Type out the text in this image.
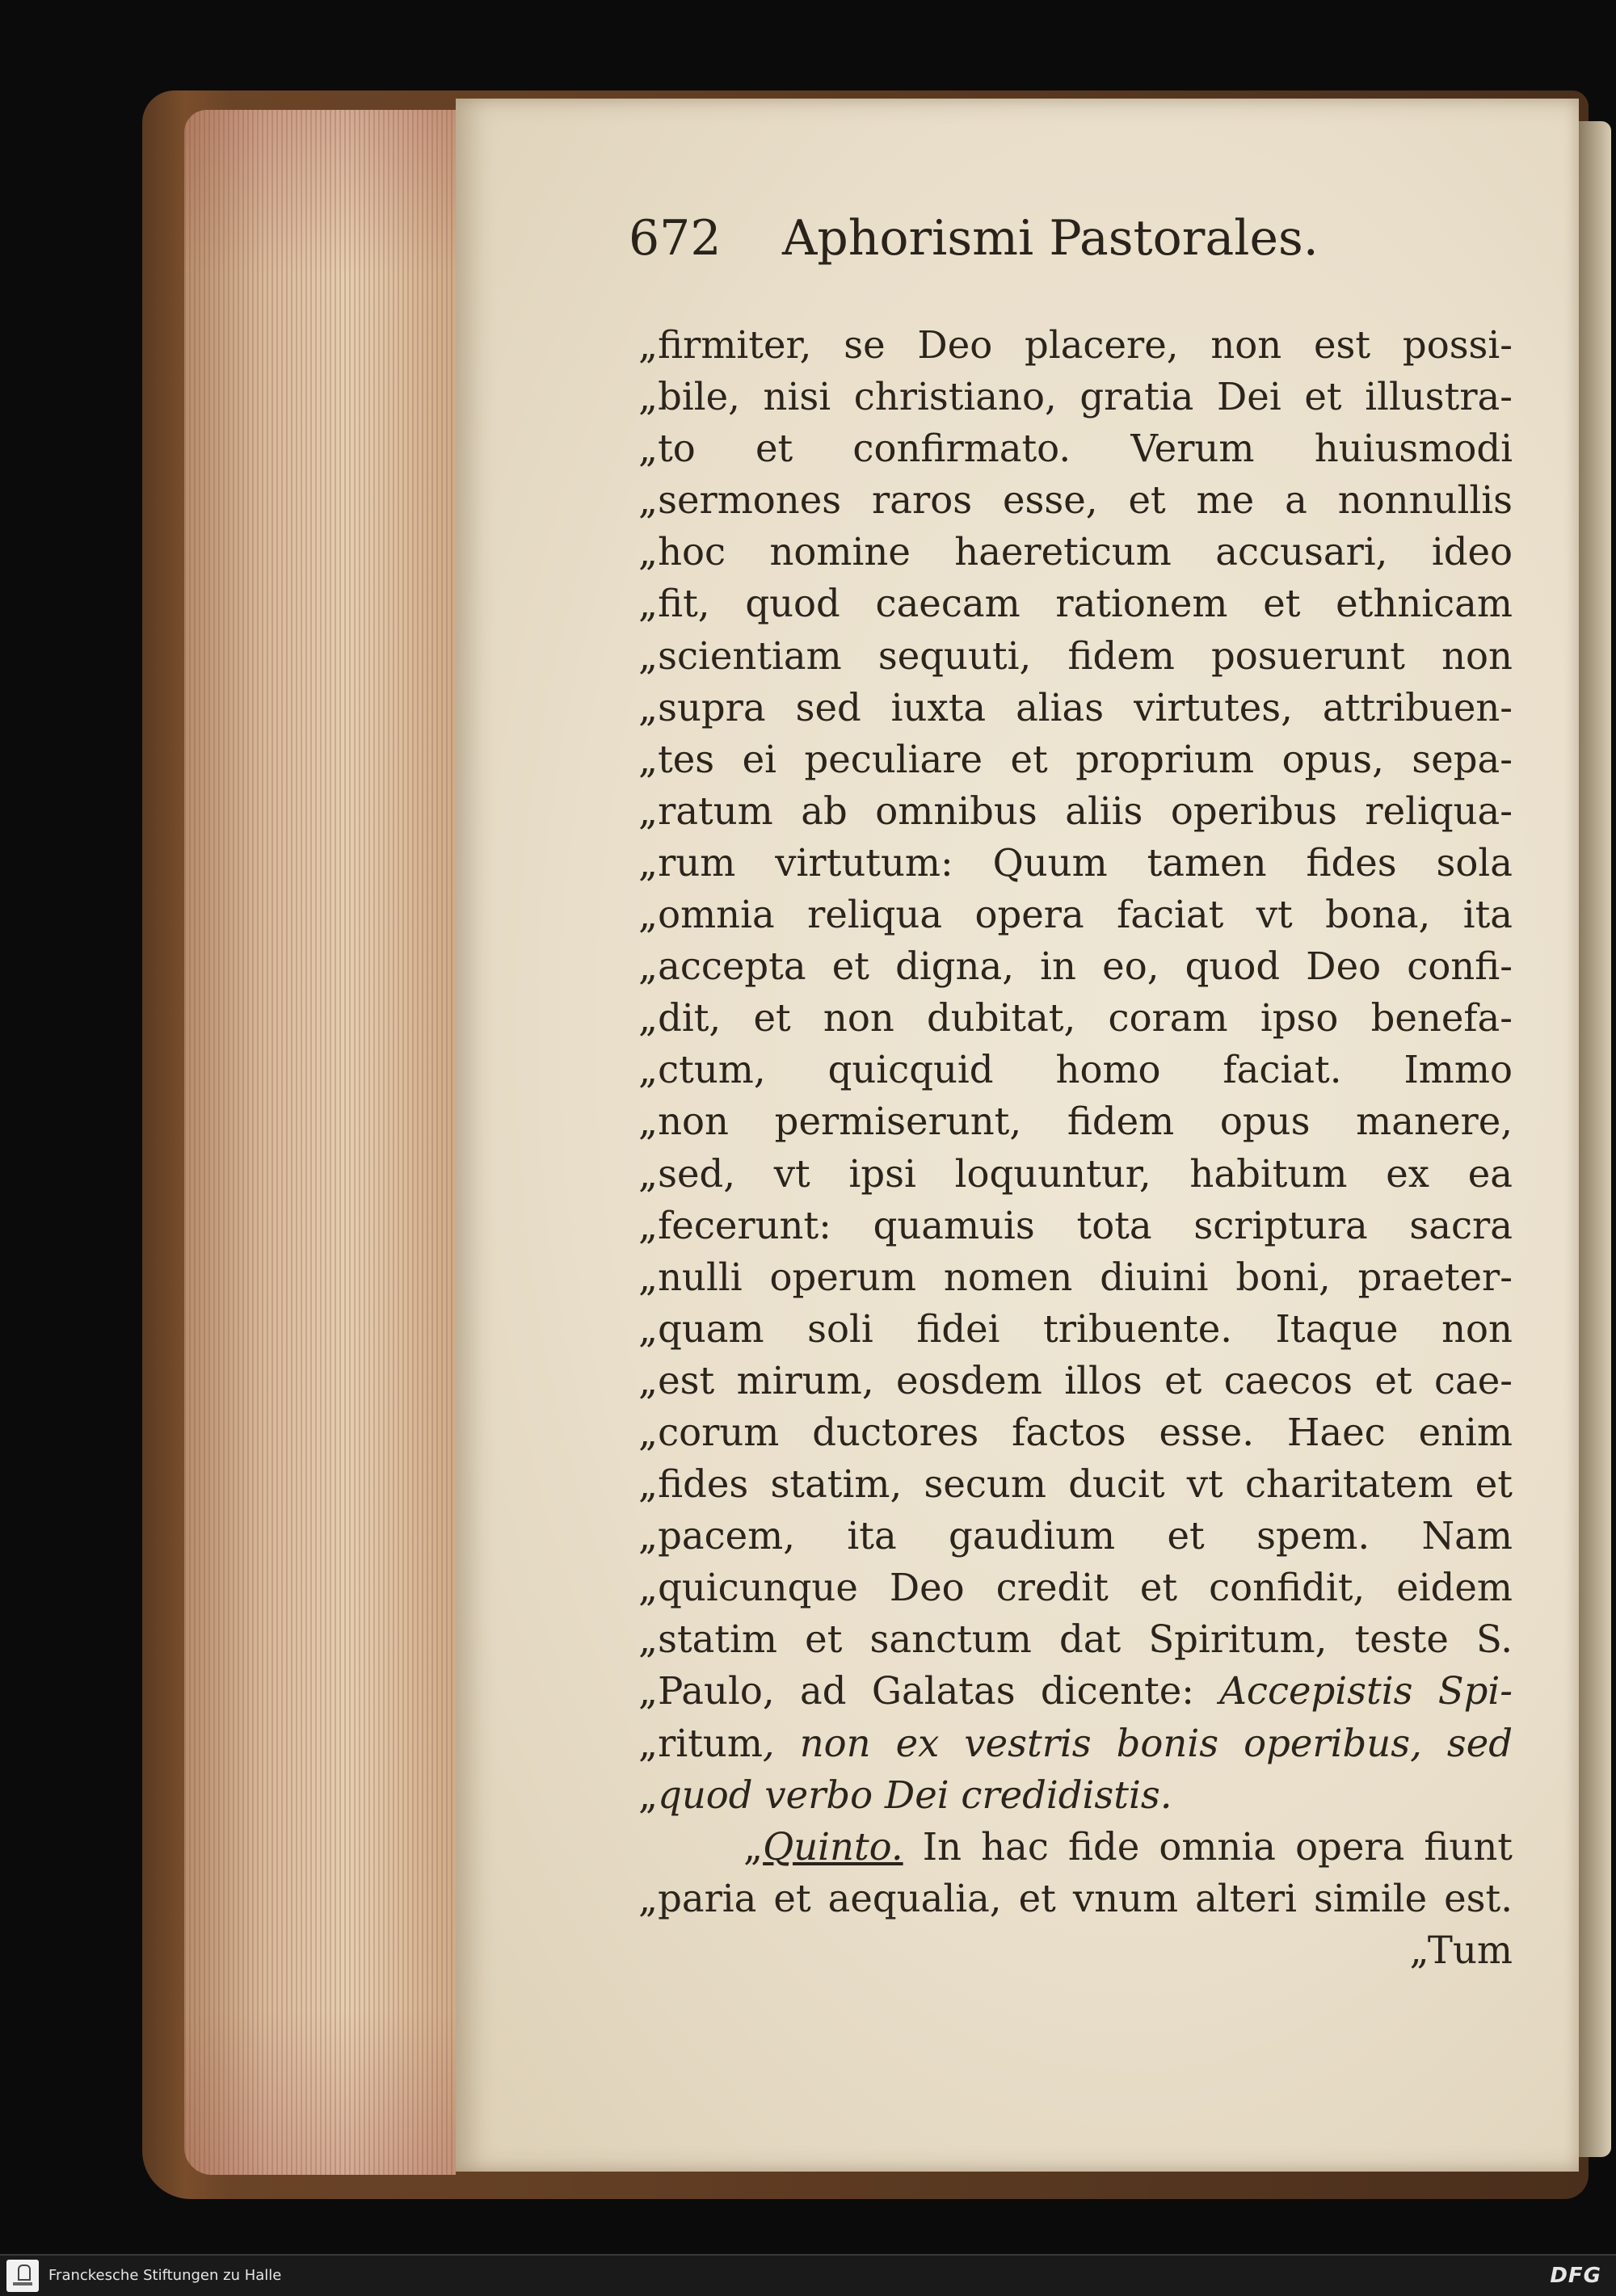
672 Aphorismi Pastorales.
„firmiter, se Deo placere, non est possi-
„bile, nisi christiano, gratia Dei et illustra-
„to et confirmato. Verum huiusmodi
„sermones raros esse, et me a nonnullis
„hoc nomine haereticum accusari, ideo
„fit, quod caecam rationem et ethnicam
„scientiam sequuti, fidem posuerunt non
„supra sed iuxta alias virtutes, attribuen-
„tes ei peculiare et proprium opus, sepa-
„ratum ab omnibus aliis operibus reliqua-
„rum virtutum: Quum tamen fides sola
„omnia reliqua opera faciat vt bona, ita
„accepta et digna, in eo, quod Deo confi-
„dit, et non dubitat, coram ipso benefa-
„ctum, quicquid homo faciat. Immo
„non permiserunt, fidem opus manere,
„sed, vt ipsi loquuntur, habitum ex ea
„fecerunt: quamuis tota scriptura sacra
„nulli operum nomen diuini boni, praeter-
„quam soli fidei tribuente. Itaque non
„est mirum, eosdem illos et caecos et cae-
„corum ductores factos esse. Haec enim
„fides statim, secum ducit vt charitatem et
„pacem, ita gaudium et spem. Nam
„quicunque Deo credit et confidit, eidem
„statim et sanctum dat Spiritum, teste S.
„Paulo, ad Galatas dicente: Accepistis Spi-
„ritum, non ex vestris bonis operibus, sed
„quod verbo Dei credidistis.
„Quinto. In hac fide omnia opera fiunt
„paria et aequalia, et vnum alteri simile est.
„Tum
Franckesche Stiftungen zu Halle	DFG
